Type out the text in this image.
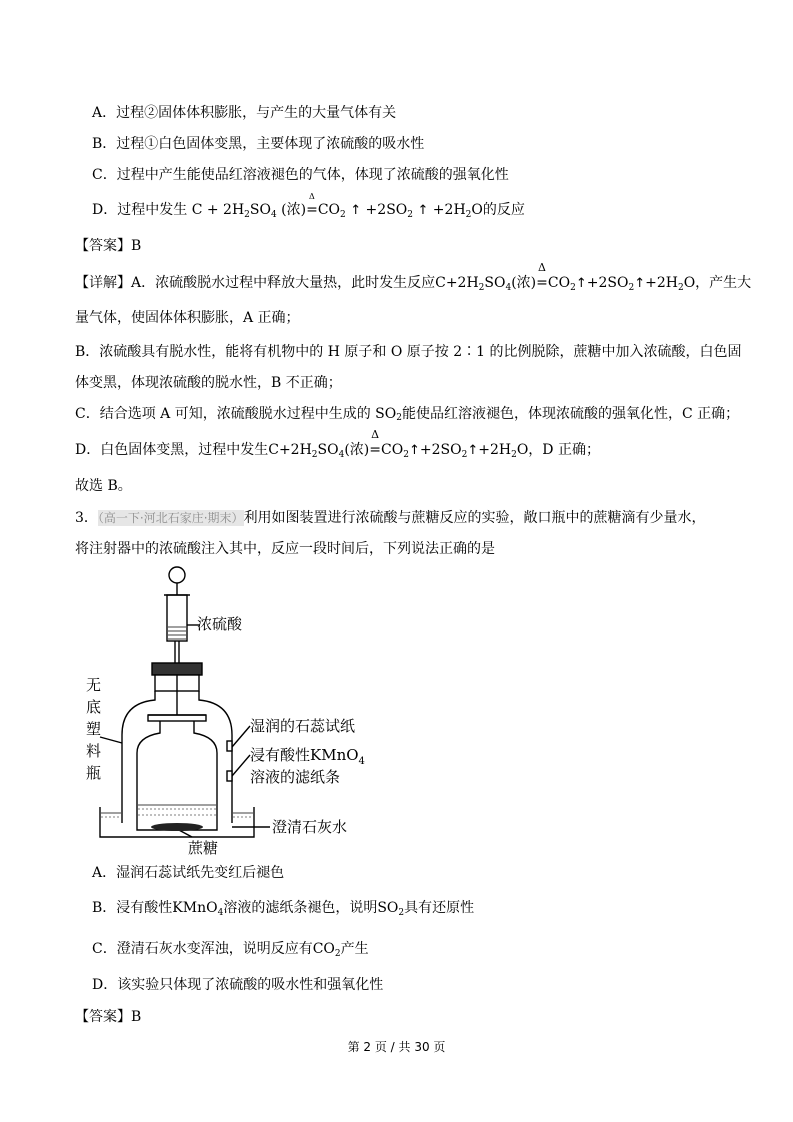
A．过程②固体体积膨胀，与产生的大量气体有关
B．过程①白色固体变黑，主要体现了浓硫酸的吸水性
C．过程中产生能使品红溶液褪色的气体，体现了浓硫酸的强氧化性
D．过程中发生 $C + 2H_2SO_4$ (浓)
Δ
$=CO_2$ ↑ $+2SO_2$ ↑ $+2H_2O$的反应
【答案】B
【详解】A．浓硫酸脱水过程中释放大量热，此时发生反应$C+2H_2SO_4$(浓)
Δ
$=CO_2↑+2SO_2↑+2H_2O$，产生大
量气体，使固体体积膨胀，A 正确；
B．浓硫酸具有脱水性，能将有机物中的 H 原子和 O 原子按 2∶1 的比例脱除，蔗糖中加入浓硫酸，白色固
体变黑，体现浓硫酸的脱水性，B 不正确；
C．结合选项 A 可知，浓硫酸脱水过程中生成的 SO2能使品红溶液褪色，体现浓硫酸的强氧化性，C 正确；
D．白色固体变黑，过程中发生$C+2H_2SO_4$(浓)
Δ
$=CO_2↑+2SO_2↑+2H_2O$，D 正确；
故选 B。
3．（高一下·河北石家庄·期末）利用如图装置进行浓硫酸与蔗糖反应的实验，敞口瓶中的蔗糖滴有少量水，
将注射器中的浓硫酸注入其中，反应一段时间后，下列说法正确的是
浓硫酸
无
底
塑
料
瓶
湿润的石蕊试纸
浸有酸性KMnO$_4$
溶液的滤纸条
澄清石灰水
蔗糖
A．湿润石蕊试纸先变红后褪色
B．浸有酸性KMnO$_4$溶液的滤纸条褪色，说明$SO_2$具有还原性
C．澄清石灰水变浑浊，说明反应有$CO_2$产生
D．该实验只体现了浓硫酸的吸水性和强氧化性
【答案】B
第 2 页 / 共 30 页
